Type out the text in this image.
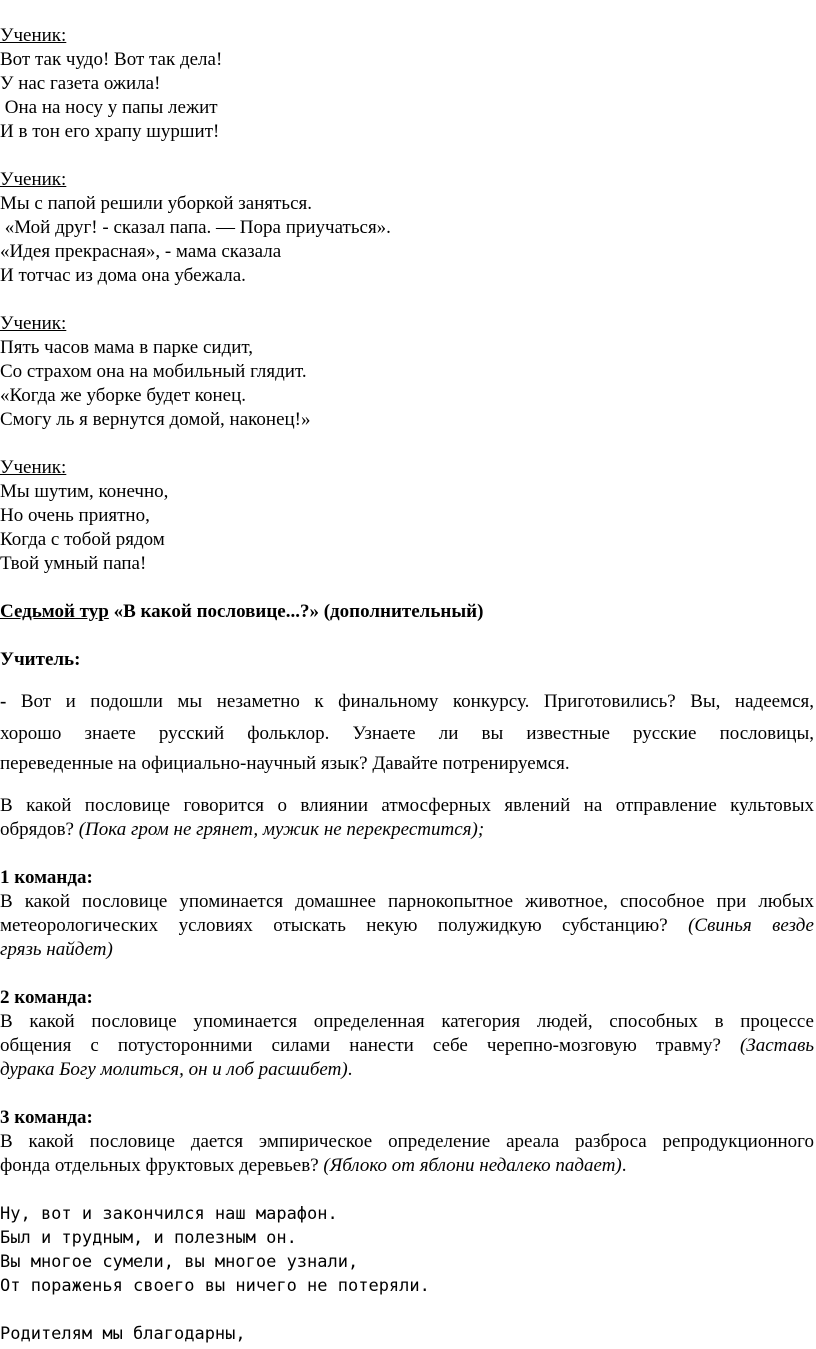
Ученик:
Вот так чудо! Вот так дела!
У нас газета ожила!
Она на носу у папы лежит
И в тон его храпу шуршит!
Ученик:
Мы с папой решили уборкой заняться.
«Мой друг! - сказал папа. — Пора приучаться».
«Идея прекрасная», - мама сказала
И тотчас из дома она убежала.
Ученик:
Пять часов мама в парке сидит,
Со страхом она на мобильный глядит.
«Когда же уборке будет конец.
Смогу ль я вернутся домой, наконец!»
Ученик:
Мы шутим, конечно,
Но очень приятно,
Когда с тобой рядом
Твой умный папа!
Седьмой тур «В какой пословице...?» (дополнительный)
Учитель:
- Вот и подошли мы незаметно к финальному конкурсу. Приготовились? Вы, надеемся,
хорошо знаете русский фольклор. Узнаете ли вы известные русские пословицы,
переведенные на официально-научный язык? Давайте потренируемся.
В какой пословице говорится о влиянии атмосферных явлений на отправление культовых
обрядов? (Пока гром не грянет, мужик не перекрестится);
1 команда:
В какой пословице упоминается домашнее парнокопытное животное, способное при любых
метеорологических условиях отыскать некую полужидкую субстанцию? (Свинья везде
грязь найдет)
2 команда:
В какой пословице упоминается определенная категория людей, способных в процессе
общения с потусторонними силами нанести себе черепно-мозговую травму? (Заставь
дурака Богу молиться, он и лоб расшибет).
3 команда:
В какой пословице дается эмпирическое определение ареала разброса репродукционного
фонда отдельных фруктовых деревьев? (Яблоко от яблони недалеко падает).
Ну, вот и закончился наш марафон.
Был и трудным, и полезным он.
Вы многое сумели, вы многое узнали,
От пораженья своего вы ничего не потеряли.
Родителям мы благодарны,
